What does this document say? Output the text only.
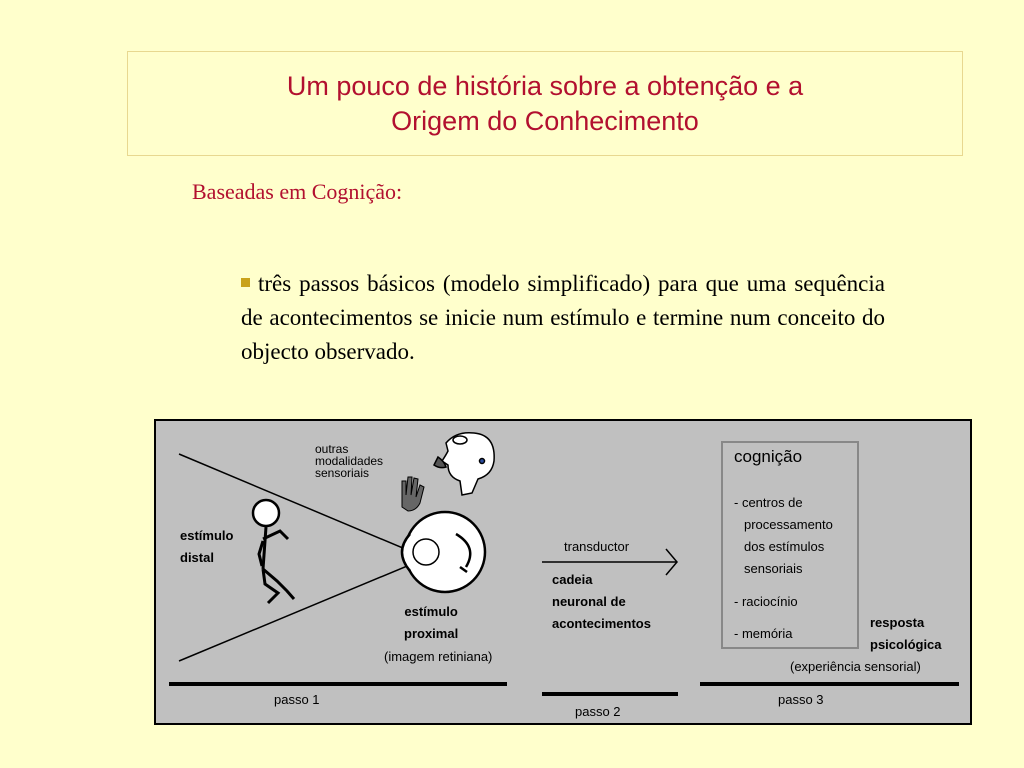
Um pouco de história sobre a obtenção e a
Origem do Conhecimento
Baseadas em Cognição:
três passos básicos (modelo simplificado) para que uma sequência de acontecimentos se inicie num estímulo e termine num conceito do objecto observado.
outras
modalidades
sensoriais
estímulo
distal
estímulo
proximal
(imagem retiniana)
transductor
cadeia
neuronal de
acontecimentos
cognição
- centros de
processamento
dos estímulos
sensoriais
- raciocínio
- memória
resposta
psicológica
(experiência sensorial)
passo 1
passo 2
passo 3
